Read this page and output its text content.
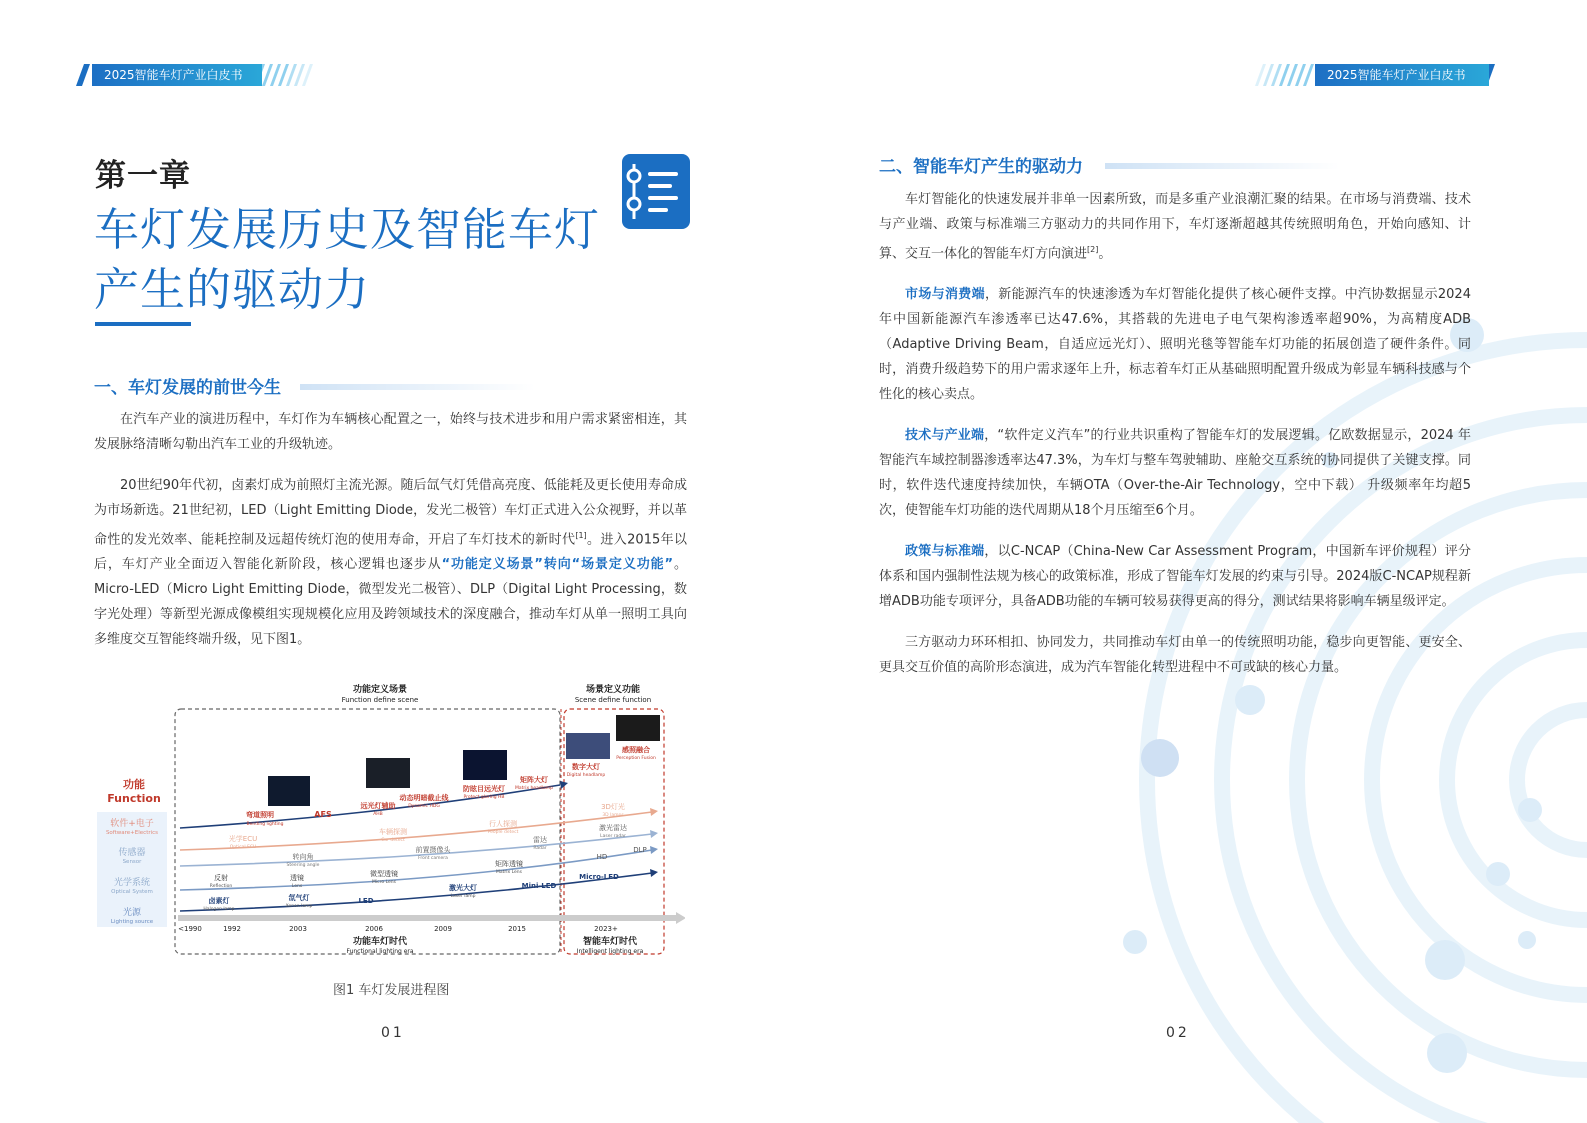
2025智能车灯产业白皮书	2025智能车灯产业白皮书
第一章
车灯发展历史及智能车灯
产生的驱动力
一、车灯发展的前世今生

在汽车产业的演进历程中，车灯作为车辆核心配置之一，始终与技术进步和用户需求紧密相连，其发展脉络清晰勾勒出汽车工业的升级轨迹。

20世纪90年代初，卤素灯成为前照灯主流光源。随后氙气灯凭借高亮度、低能耗及更长使用寿命成为市场新选。21世纪初，LED（Light Emitting Diode，发光二极管）车灯正式进入公众视野，并以革命性的发光效率、能耗控制及远超传统灯泡的使用寿命，开启了车灯技术的新时代[1]。进入2015年以后，车灯产业全面迈入智能化新阶段，核心逻辑也逐步从“功能定义场景”转向“场景定义功能”。Micro-LED（Micro Light Emitting Diode，微型发光二极管）、DLP（Digital Light Processing，数字光处理）等新型光源成像模组实现规模化应用及跨领域技术的深度融合，推动车灯从单一照明工具向多维度交互智能终端升级，见下图1。

功能定义场景
Function define scene
场景定义功能
Scene define function
功能
Function
软件+电子
Software+Electrics
传感器
Sensor
光学系统
Optical System
光源
Lighting source
<1990	1992	2003	2006	2009	2015	2023+
功能车灯时代
Functional lighting era
智能车灯时代
Intelligent lighting era
弯道照明	AFS
远光灯辅助
动态明暗截止线
防眩目远光灯
矩阵大灯
数字大灯
感照融合
Bending lighting
AHB
Dynamic HDG
Protect glaring HB
Matrix headlamp
Digital headlamp
Perception Fusion
光学ECU
车辆探测
行人探测
3D灯光
Optical ECU
Car detect
People detect
3D lamps
雷达
激光雷达
转向角
前置摄像头
HD
DLP
Radar
Laser radar
Steering angle
Front camera
反射	透镜	微型透镜
矩阵透镜
Micro-LED
Reflection	Lens
Micro Lens
Matrix Lens
卤素灯	氙气灯	LED
激光大灯	Mini-LED
Halogen lamp
Xenon lamp
Laser lamp
图1 车灯发展进程图
01
二、智能车灯产生的驱动力

车灯智能化的快速发展并非单一因素所致，而是多重产业浪潮汇聚的结果。在市场与消费端、技术与产业端、政策与标准端三方驱动力的共同作用下，车灯逐渐超越其传统照明角色，开始向感知、计算、交互一体化的智能车灯方向演进[2]。

市场与消费端，新能源汽车的快速渗透为车灯智能化提供了核心硬件支撑。中汽协数据显示2024年中国新能源汽车渗透率已达47.6%，其搭载的先进电子电气架构渗透率超90%，为高精度ADB（Adaptive Driving Beam，自适应远光灯）、照明光毯等智能车灯功能的拓展创造了硬件条件。同时，消费升级趋势下的用户需求逐年上升，标志着车灯正从基础照明配置升级成为彰显车辆科技感与个性化的核心卖点。

技术与产业端，“软件定义汽车”的行业共识重构了智能车灯的发展逻辑。亿欧数据显示，2024 年智能汽车域控制器渗透率达47.3%，为车灯与整车驾驶辅助、座舱交互系统的协同提供了关键支撑。同时，软件迭代速度持续加快，车辆OTA（Over-the-Air Technology，空中下载） 升级频率年均超5次，使智能车灯功能的迭代周期从18个月压缩至6个月。

政策与标准端，以C-NCAP（China-New Car Assessment Program，中国新车评价规程）评分体系和国内强制性法规为核心的政策标准，形成了智能车灯发展的约束与引导。2024版C-NCAP规程新增ADB功能专项评分，具备ADB功能的车辆可较易获得更高的得分，测试结果将影响车辆星级评定。

三方驱动力环环相扣、协同发力，共同推动车灯由单一的传统照明功能，稳步向更智能、更安全、更具交互价值的高阶形态演进，成为汽车智能化转型进程中不可或缺的核心力量。

02
